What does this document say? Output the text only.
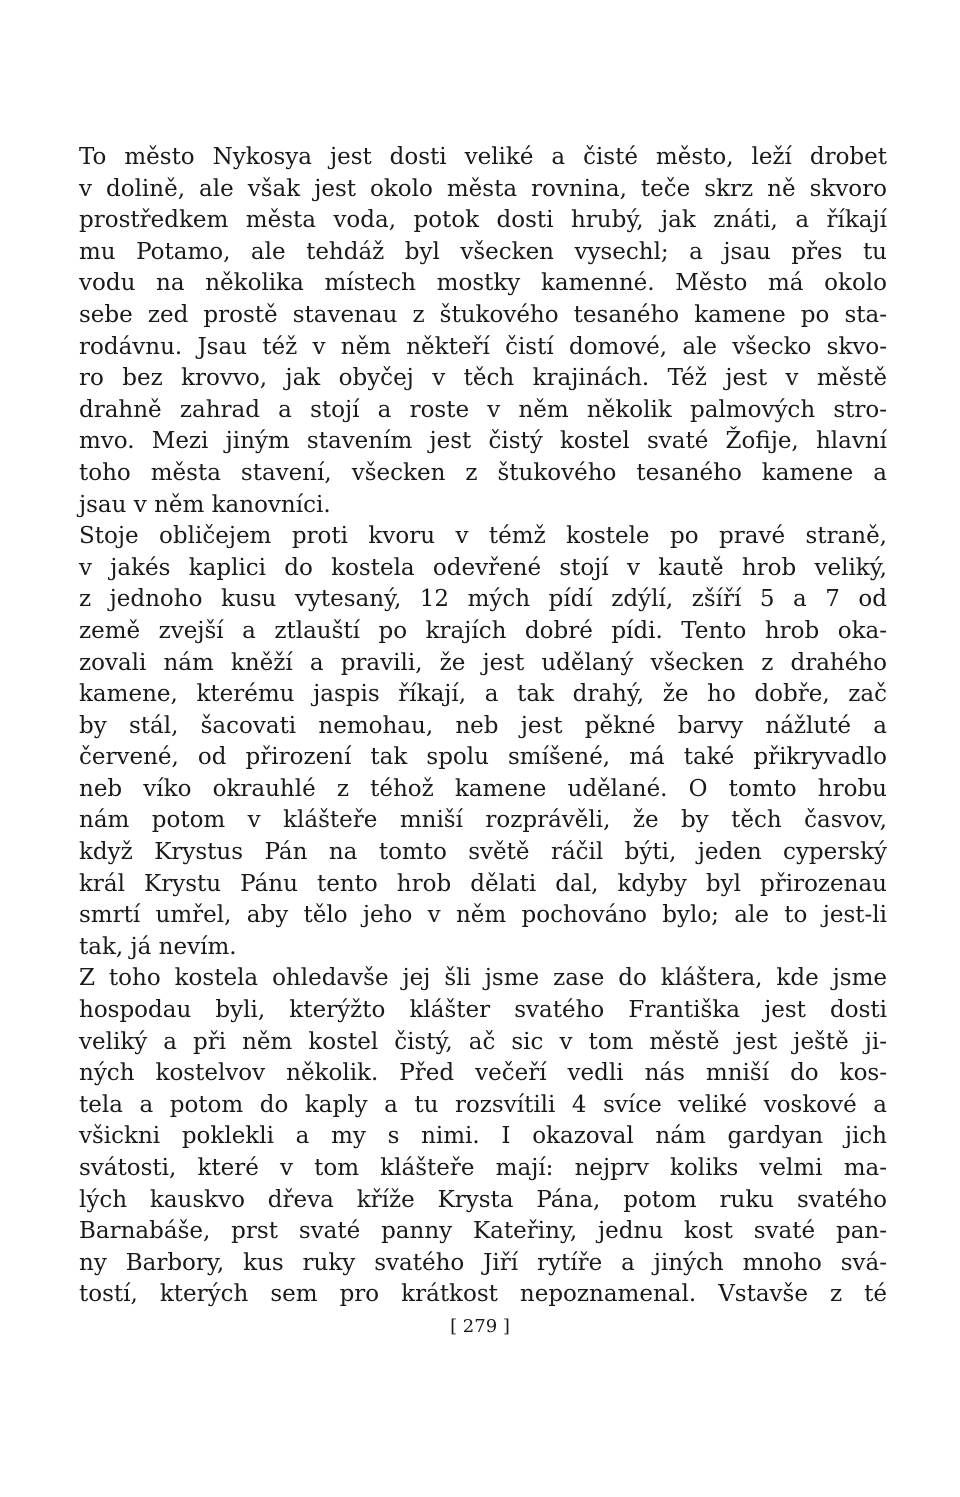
To město Nykosya jest dosti veliké a čisté město, leží drobet
v dolině, ale však jest okolo města rovnina, teče skrz ně skvoro
prostředkem města voda, potok dosti hrubý, jak znáti, a říkají
mu Potamo, ale tehdáž byl všecken vysechl; a jsau přes tu
vodu na několika místech mostky kamenné. Město má okolo
sebe zed prostě stavenau z štukového tesaného kamene po sta-
rodávnu. Jsau též v něm někteří čistí domové, ale všecko skvo-
ro bez krovvo, jak obyčej v těch krajinách. Též jest v městě
drahně zahrad a stojí a roste v něm několik palmových stro-
mvo. Mezi jiným stavením jest čistý kostel svaté Žofije, hlavní
toho města stavení, všecken z štukového tesaného kamene a
jsau v něm kanovníci.
Stoje obličejem proti kvoru v témž kostele po pravé straně,
v jakés kaplici do kostela odevřené stojí v kautě hrob veliký,
z jednoho kusu vytesaný, 12 mých pídí zdýlí, zšíří 5 a 7 od
země zvejší a ztlauští po krajích dobré pídi. Tento hrob oka-
zovali nám kněží a pravili, že jest udělaný všecken z drahého
kamene, kterému jaspis říkají, a tak drahý, že ho dobře, zač
by stál, šacovati nemohau, neb jest pěkné barvy nážluté a
červené, od přirození tak spolu smíšené, má také přikryvadlo
neb víko okrauhlé z téhož kamene udělané. O tomto hrobu
nám potom v klášteře mniší rozprávěli, že by těch časvov,
když Krystus Pán na tomto světě ráčil býti, jeden cyperský
král Krystu Pánu tento hrob dělati dal, kdyby byl přirozenau
smrtí umřel, aby tělo jeho v něm pochováno bylo; ale to jest-li
tak, já nevím.
Z toho kostela ohledavše jej šli jsme zase do kláštera, kde jsme
hospodau byli, kterýžto klášter svatého Františka jest dosti
veliký a při něm kostel čistý, ač sic v tom městě jest ještě ji-
ných kostelvov několik. Před večeří vedli nás mniší do kos-
tela a potom do kaply a tu rozsvítili 4 svíce veliké voskové a
všickni poklekli a my s nimi. I okazoval nám gardyan jich
svátosti, které v tom klášteře mají: nejprv koliks velmi ma-
lých kauskvo dřeva kříže Krysta Pána, potom ruku svatého
Barnabáše, prst svaté panny Kateřiny, jednu kost svaté pan-
ny Barbory, kus ruky svatého Jiří rytíře a jiných mnoho svá-
tostí, kterých sem pro krátkost nepoznamenal. Vstavše z té
[ 279 ]
